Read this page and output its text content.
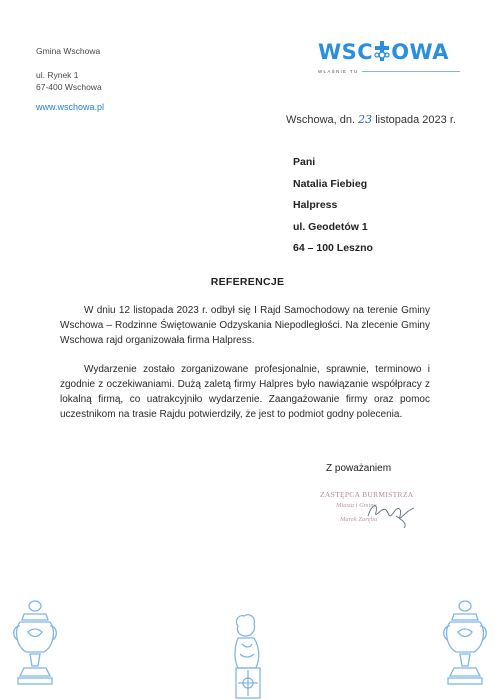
Gmina Wschowa
ul. Rynek 1
67-400 Wschowa
www.wschowa.pl
WSC OWA
WŁAŚNIE TU
Wschowa, dn. 23 listopada 2023 r.
Pani
Natalia Fiebieg
Halpress
ul. Geodetów 1
64 – 100 Leszno
REFERENCJE
W dniu 12 listopada 2023 r. odbył się I Rajd Samochodowy na terenie Gminy Wschowa – Rodzinne Świętowanie Odzyskania Niepodległości. Na zlecenie Gminy Wschowa rajd organizowała firma Halpress.
Wydarzenie zostało zorganizowane profesjonalnie, sprawnie, terminowo i zgodnie z oczekiwaniami. Dużą zaletą firmy Halpres było nawiązanie współpracy z lokalną firmą, co uatrakcyjniło wydarzenie. Zaangażowanie firmy oraz pomoc uczestnikom na trasie Rajdu potwierdziły, że jest to podmiot godny polecenia.
Z poważaniem
ZASTĘPCA BURMISTRZA
Miasta i Gminy
Marek Zaręba
